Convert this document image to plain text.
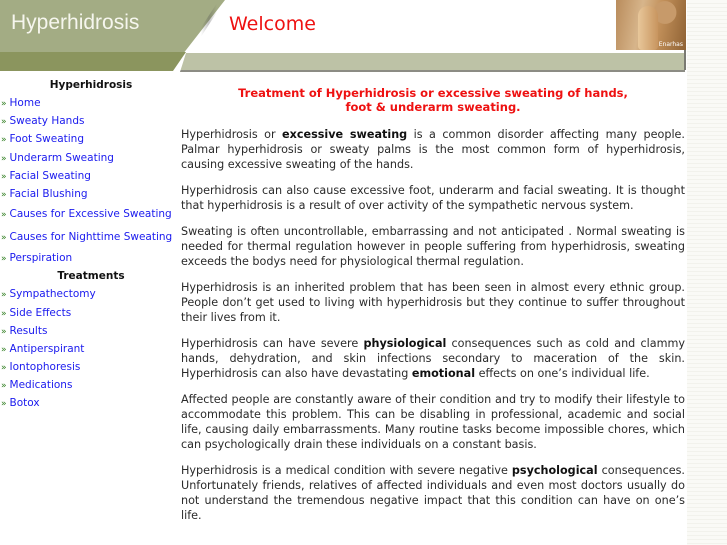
Hyperhidrosis	Welcome
Enarhas
Hyperhidrosis
» Home
» Sweaty Hands
» Foot Sweating
» Underarm Sweating
» Facial Sweating
» Facial Blushing
» Causes for Excessive Sweating
» Causes for Nighttime Sweating
» Perspiration
Treatments
» Sympathectomy
» Side Effects
» Results
» Antiperspirant
» Iontophoresis
» Medications
» Botox
Treatment of Hyperhidrosis or excessive sweating of hands,
foot & underarm sweating.

Hyperhidrosis or excessive sweating is a common disorder affecting many people. Palmar hyperhidrosis or sweaty palms is the most common form of hyperhidrosis, causing excessive sweating of the hands.

Hyperhidrosis can also cause excessive foot, underarm and facial sweating. It is thought that hyperhidrosis is a result of over activity of the sympathetic nervous system.

Sweating is often uncontrollable, embarrassing and not anticipated . Normal sweating is needed for thermal regulation however in people suffering from hyperhidrosis, sweating exceeds the bodys need for physiological thermal regulation.

Hyperhidrosis is an inherited problem that has been seen in almost every ethnic group. People don’t get used to living with hyperhidrosis but they continue to suffer throughout their lives from it.

Hyperhidrosis can have severe physiological consequences such as cold and clammy hands, dehydration, and skin infections secondary to maceration of the skin. Hyperhidrosis can also have devastating emotional effects on one’s individual life.

Affected people are constantly aware of their condition and try to modify their lifestyle to accommodate this problem. This can be disabling in professional, academic and social life, causing daily embarrassments. Many routine tasks become impossible chores, which can psychologically drain these individuals on a constant basis.

Hyperhidrosis is a medical condition with severe negative psychological consequences. Unfortunately friends, relatives of affected individuals and even most doctors usually do not understand the tremendous negative impact that this condition can have on one’s life.
